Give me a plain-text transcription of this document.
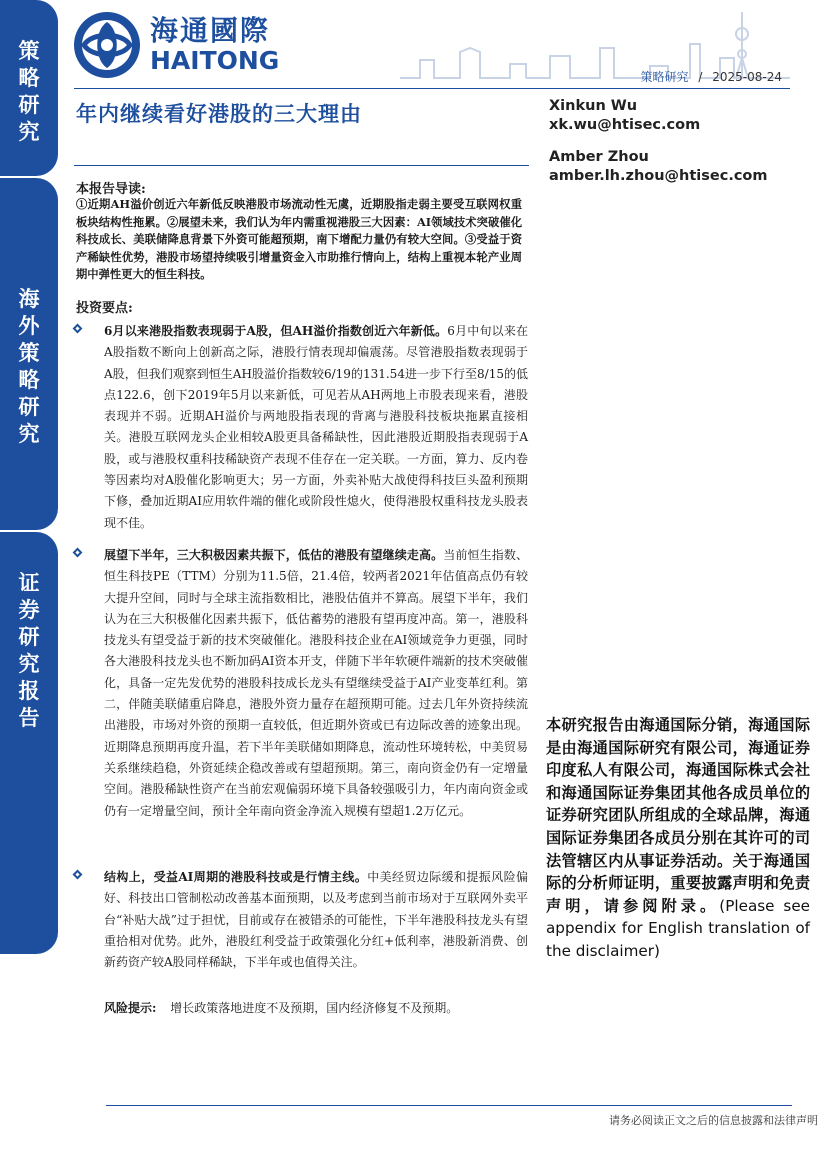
策略研究
海外策略研究
证券研究报告
海通國際
HAITONG
策略研究 / 2025-08-24
年内继续看好港股的三大理由	Xinkun Wu
xk.wu@htisec.com
Amber Zhou
amber.lh.zhou@htisec.com
本报告导读:
①近期AH溢价创近六年新低反映港股市场流动性无虞，近期股指走弱主要受互联网权重板块结构性拖累。②展望未来，我们认为年内需重视港股三大因素：AI领域技术突破催化科技成长、美联储降息背景下外资可能超预期，南下增配力量仍有较大空间。③受益于资产稀缺性优势，港股市场望持续吸引增量资金入市助推行情向上，结构上重视本轮产业周期中弹性更大的恒生科技。
投资要点:
6月以来港股指数表现弱于A股，但AH溢价指数创近六年新低。6月中旬以来在A股指数不断向上创新高之际，港股行情表现却偏震荡。尽管港股指数表现弱于A股，但我们观察到恒生AH股溢价指数较6/19的131.54进一步下行至8/15的低点122.6，创下2019年5月以来新低，可见若从AH两地上市股表现来看，港股表现并不弱。近期AH溢价与两地股指表现的背离与港股科技板块拖累直接相关。港股互联网龙头企业相较A股更具备稀缺性，因此港股近期股指表现弱于A股，或与港股权重科技稀缺资产表现不佳存在一定关联。一方面，算力、反内卷等因素均对A股催化影响更大；另一方面，外卖补贴大战使得科技巨头盈利预期下修，叠加近期AI应用软件端的催化或阶段性熄火，使得港股权重科技龙头股表现不佳。
展望下半年，三大积极因素共振下，低估的港股有望继续走高。当前恒生指数、恒生科技PE（TTM）分别为11.5倍，21.4倍，较两者2021年估值高点仍有较大提升空间，同时与全球主流指数相比，港股估值并不算高。展望下半年，我们认为在三大积极催化因素共振下，低估蓄势的港股有望再度冲高。第一，港股科技龙头有望受益于新的技术突破催化。港股科技企业在AI领域竞争力更强，同时各大港股科技龙头也不断加码AI资本开支，伴随下半年软硬件端新的技术突破催化，具备一定先发优势的港股科技成长龙头有望继续受益于AI产业变革红利。第二，伴随美联储重启降息，港股外资力量存在超预期可能。过去几年外资持续流出港股，市场对外资的预期一直较低，但近期外资或已有边际改善的迹象出现。近期降息预期再度升温，若下半年美联储如期降息，流动性环境转松，中美贸易关系继续趋稳，外资延续企稳改善或有望超预期。第三，南向资金仍有一定增量空间。港股稀缺性资产在当前宏观偏弱环境下具备较强吸引力，年内南向资金或仍有一定增量空间，预计全年南向资金净流入规模有望超1.2万亿元。
结构上，受益AI周期的港股科技或是行情主线。中美经贸边际缓和提振风险偏好、科技出口管制松动改善基本面预期，以及考虑到当前市场对于互联网外卖平台“补贴大战”过于担忧，目前或存在被错杀的可能性，下半年港股科技龙头有望重拾相对优势。此外，港股红利受益于政策强化分红+低利率，港股新消费、创新药资产较A股同样稀缺，下半年或也值得关注。
风险提示: 增长政策落地进度不及预期，国内经济修复不及预期。
本研究报告由海通国际分销，海通国际是由海通国际研究有限公司，海通证券印度私人有限公司，海通国际株式会社和海通国际证券集团其他各成员单位的证券研究团队所组成的全球品牌，海通国际证券集团各成员分别在其许可的司法管辖区内从事证券活动。关于海通国际的分析师证明，重要披露声明和免责声明，请参阅附录。(Please see appendix for English translation of the disclaimer)
请务必阅读正文之后的信息披露和法律声明
